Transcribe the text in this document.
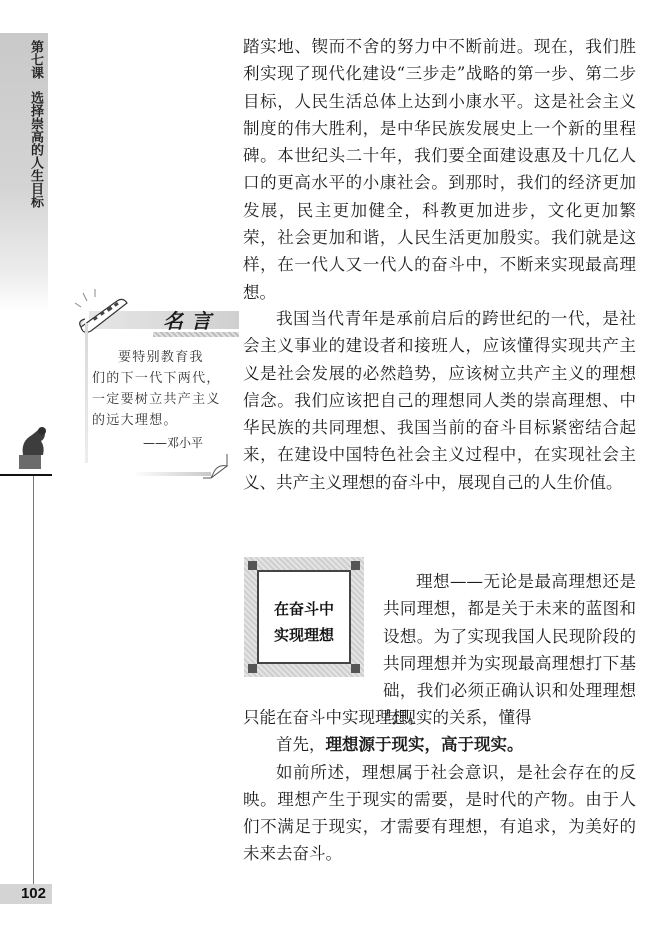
第七课选择崇高的人生目标
名言
要特别教育我
们的下一代下两代，一定要树立共产主义的远大理想。
——邓小平
102

踏实地、锲而不舍的努力中不断前进。现在，我们胜利实现了现代化建设“三步走”战略的第一步、第二步目标，人民生活总体上达到小康水平。这是社会主义制度的伟大胜利，是中华民族发展史上一个新的里程碑。本世纪头二十年，我们要全面建设惠及十几亿人口的更高水平的小康社会。到那时，我们的经济更加发展，民主更加健全，科教更加进步，文化更加繁荣，社会更加和谐，人民生活更加殷实。我们就是这样，在一代人又一代人的奋斗中，不断来实现最高理想。

我国当代青年是承前启后的跨世纪的一代，是社会主义事业的建设者和接班人，应该懂得实现共产主义是社会发展的必然趋势，应该树立共产主义的理想信念。我们应该把自己的理想同人类的崇高理想、中华民族的共同理想、我国当前的奋斗目标紧密结合起来，在建设中国特色社会主义过程中，在实现社会主义、共产主义理想的奋斗中，展现自己的人生价值。

在奋斗中
实现理想

理想——无论是最高理想还是共同理想，都是关于未来的蓝图和设想。为了实现我国人民现阶段的共同理想并为实现最高理想打下基础，我们必须正确认识和处理理想与现实的关系，懂得

只能在奋斗中实现理想。

首先，理想源于现实，高于现实。

如前所述，理想属于社会意识，是社会存在的反映。理想产生于现实的需要，是时代的产物。由于人们不满足于现实，才需要有理想，有追求，为美好的未来去奋斗。
